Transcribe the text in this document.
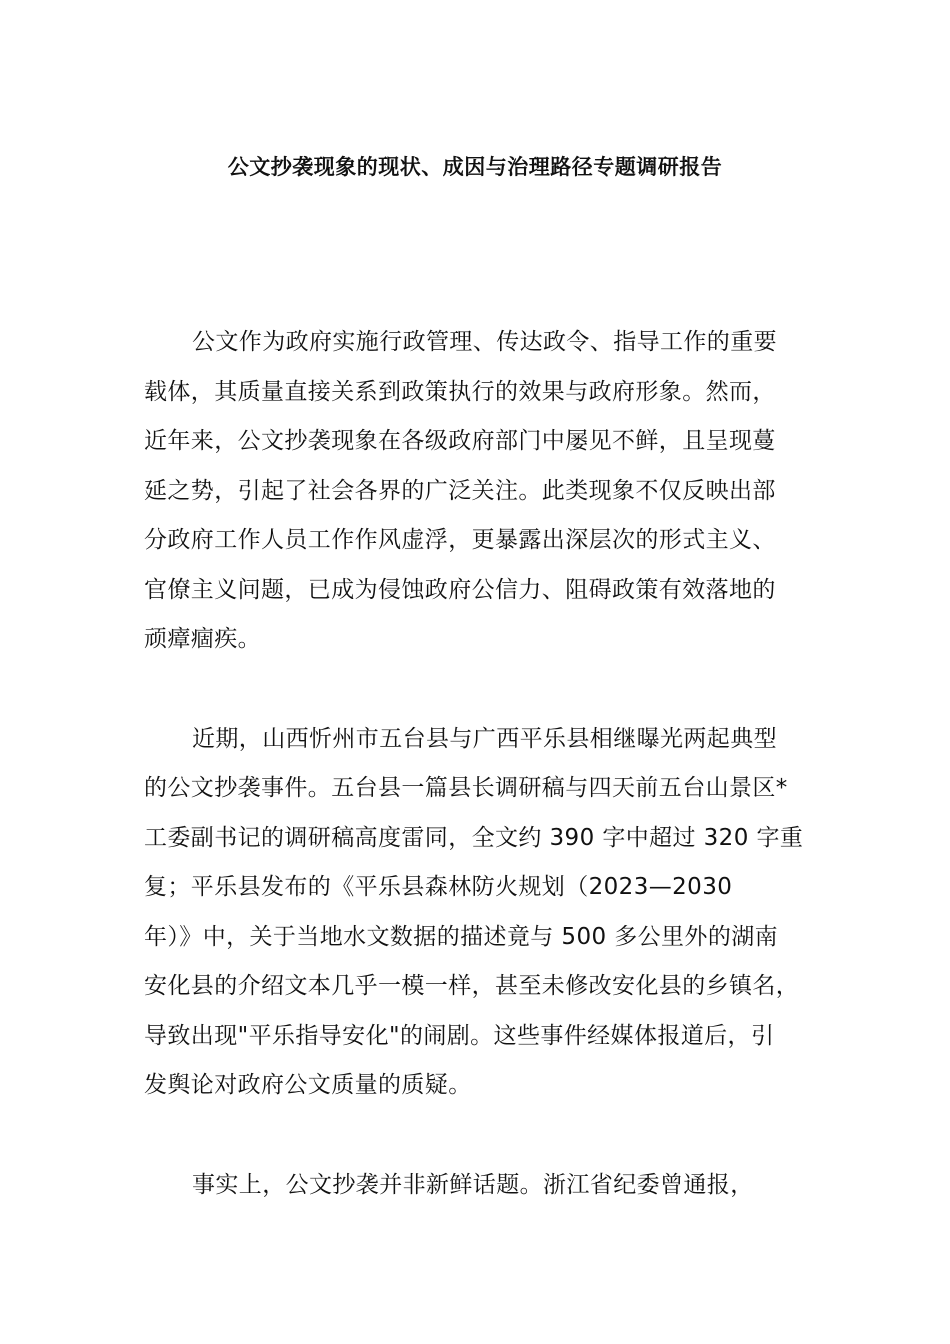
公文抄袭现象的现状、成因与治理路径专题调研报告

公文作为政府实施行政管理、传达政令、指导工作的重要
载体，其质量直接关系到政策执行的效果与政府形象。然而，
近年来，公文抄袭现象在各级政府部门中屡见不鲜，且呈现蔓
延之势，引起了社会各界的广泛关注。此类现象不仅反映出部
分政府工作人员工作作风虚浮，更暴露出深层次的形式主义、
官僚主义问题，已成为侵蚀政府公信力、阻碍政策有效落地的
顽瘴痼疾。

近期，山西忻州市五台县与广西平乐县相继曝光两起典型
的公文抄袭事件。五台县一篇县长调研稿与四天前五台山景区*
工委副书记的调研稿高度雷同，全文约 390 字中超过 320 字重
复；平乐县发布的《平乐县森林防火规划（2023—2030
年）》中，关于当地水文数据的描述竟与 500 多公里外的湖南
安化县的介绍文本几乎一模一样，甚至未修改安化县的乡镇名，
导致出现"平乐指导安化"的闹剧。这些事件经媒体报道后，引
发舆论对政府公文质量的质疑。

事实上，公文抄袭并非新鲜话题。浙江省纪委曾通报，
